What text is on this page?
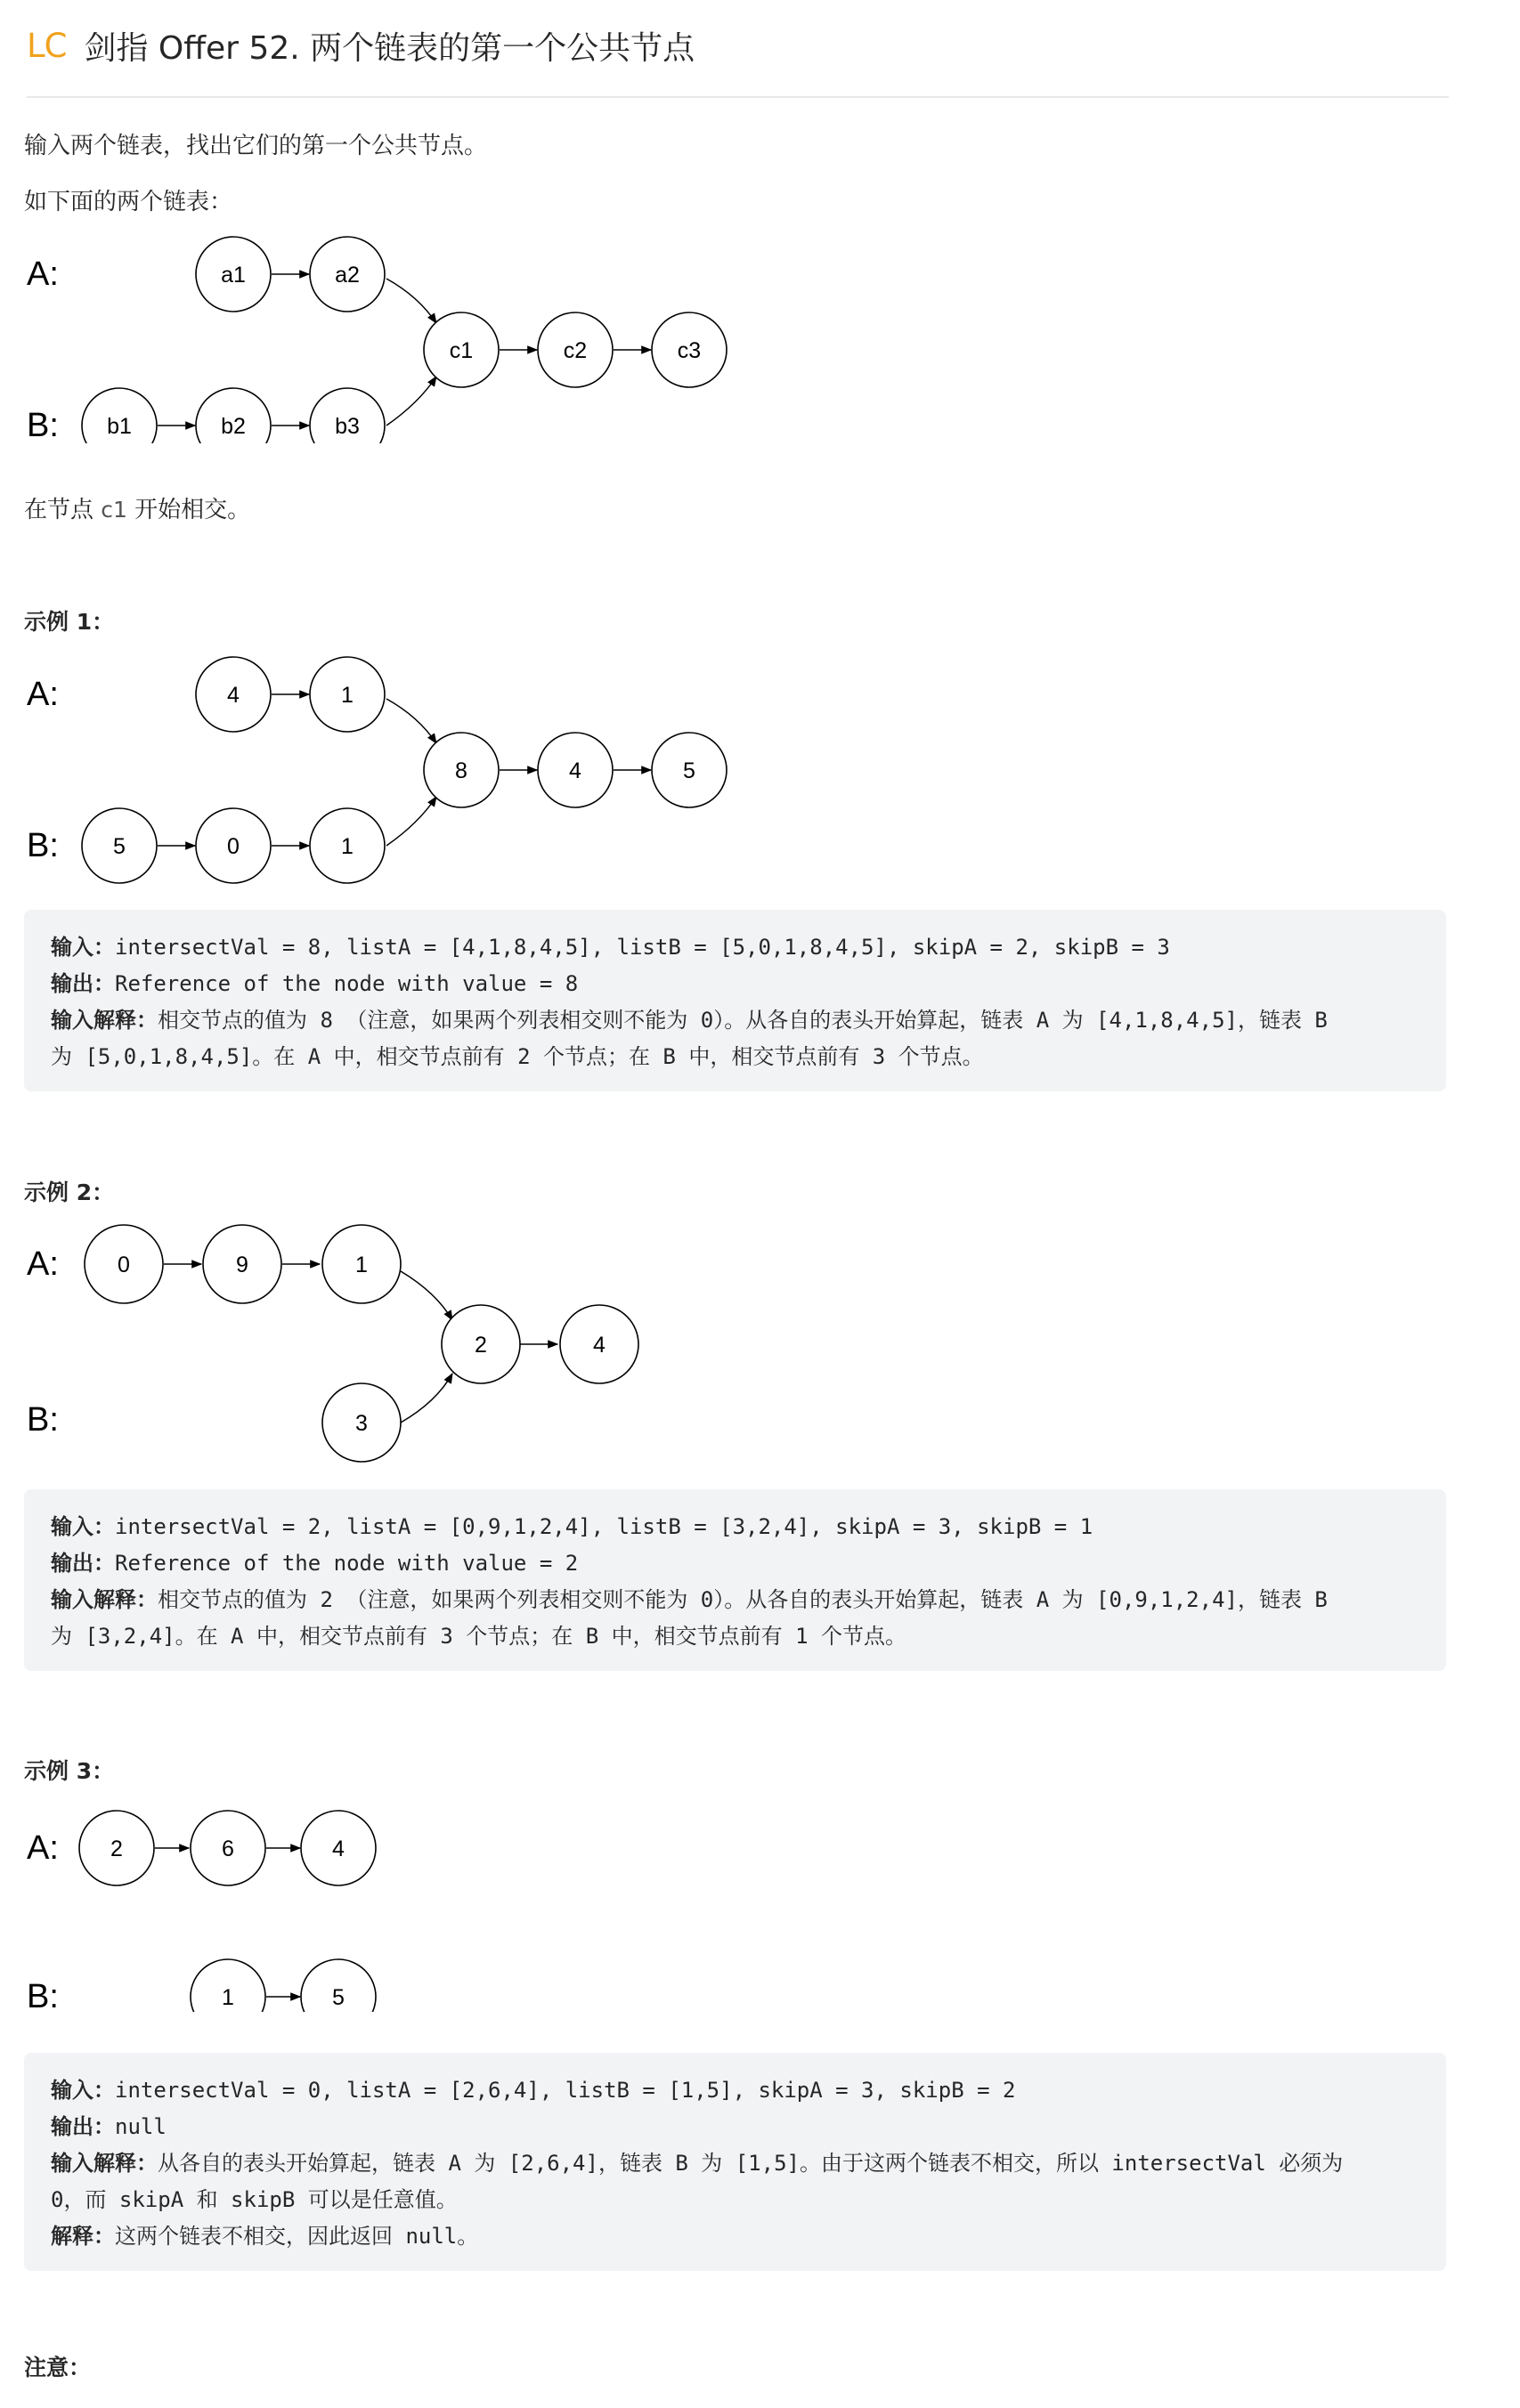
LC 剑指 Offer 52. 两个链表的第一个公共节点
输入两个链表，找出它们的第一个公共节点。
如下面的两个链表：
A:
B:
a1	a2
c1	c2	c3
b1	b2	b3
在节点 c1 开始相交。
示例 1：
A:
B:
4	1
8	4	5
5	0	1
输入：intersectVal = 8, listA = [4,1,8,4,5], listB = [5,0,1,8,4,5], skipA = 2, skipB = 3
输出：Reference of the node with value = 8
输入解释：相交节点的值为 8 （注意，如果两个列表相交则不能为 0）。从各自的表头开始算起，链表 A 为 [4,1,8,4,5]，链表 B
为 [5,0,1,8,4,5]。在 A 中，相交节点前有 2 个节点；在 B 中，相交节点前有 3 个节点。
示例 2：
A:
B:
0	9	1
2	4
3
输入：intersectVal = 2, listA = [0,9,1,2,4], listB = [3,2,4], skipA = 3, skipB = 1
输出：Reference of the node with value = 2
输入解释：相交节点的值为 2 （注意，如果两个列表相交则不能为 0）。从各自的表头开始算起，链表 A 为 [0,9,1,2,4]，链表 B
为 [3,2,4]。在 A 中，相交节点前有 3 个节点；在 B 中，相交节点前有 1 个节点。
示例 3：
A:
B:
2	6	4
1	5
输入：intersectVal = 0, listA = [2,6,4], listB = [1,5], skipA = 3, skipB = 2
输出：null
输入解释：从各自的表头开始算起，链表 A 为 [2,6,4]，链表 B 为 [1,5]。由于这两个链表不相交，所以 intersectVal 必须为
0，而 skipA 和 skipB 可以是任意值。
解释：这两个链表不相交，因此返回 null。
注意：
